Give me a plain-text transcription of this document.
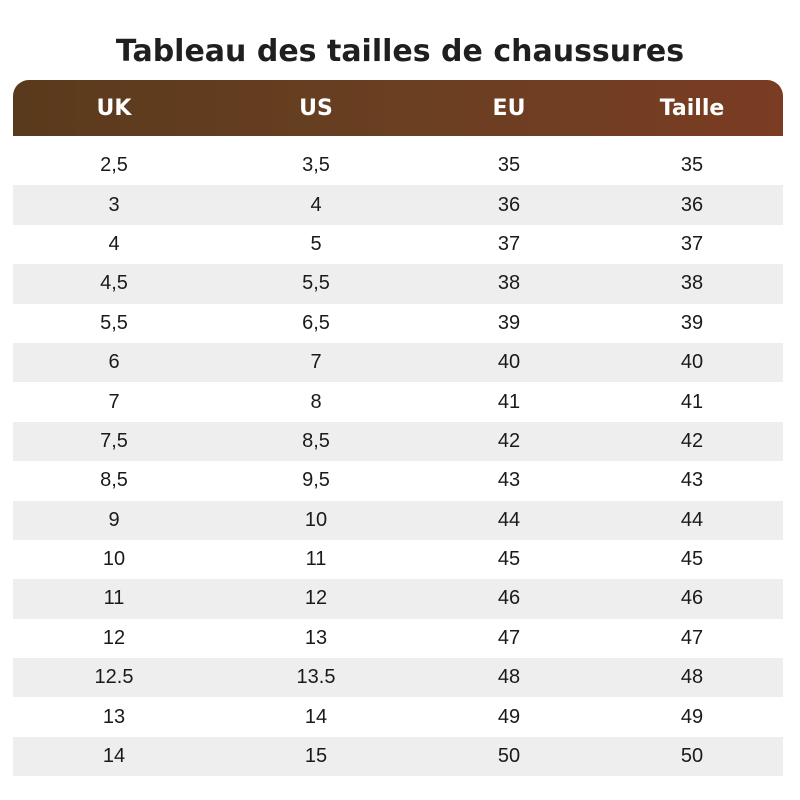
Tableau des tailles de chaussures
UK	US	EU	Taille
2,5	3,5	35	35
3	4	36	36
4	5	37	37
4,5	5,5	38	38
5,5	6,5	39	39
6	7	40	40
7	8	41	41
7,5	8,5	42	42
8,5	9,5	43	43
9	10	44	44
10	11	45	45
11	12	46	46
12	13	47	47
12.5	13.5	48	48
13	14	49	49
14	15	50	50
